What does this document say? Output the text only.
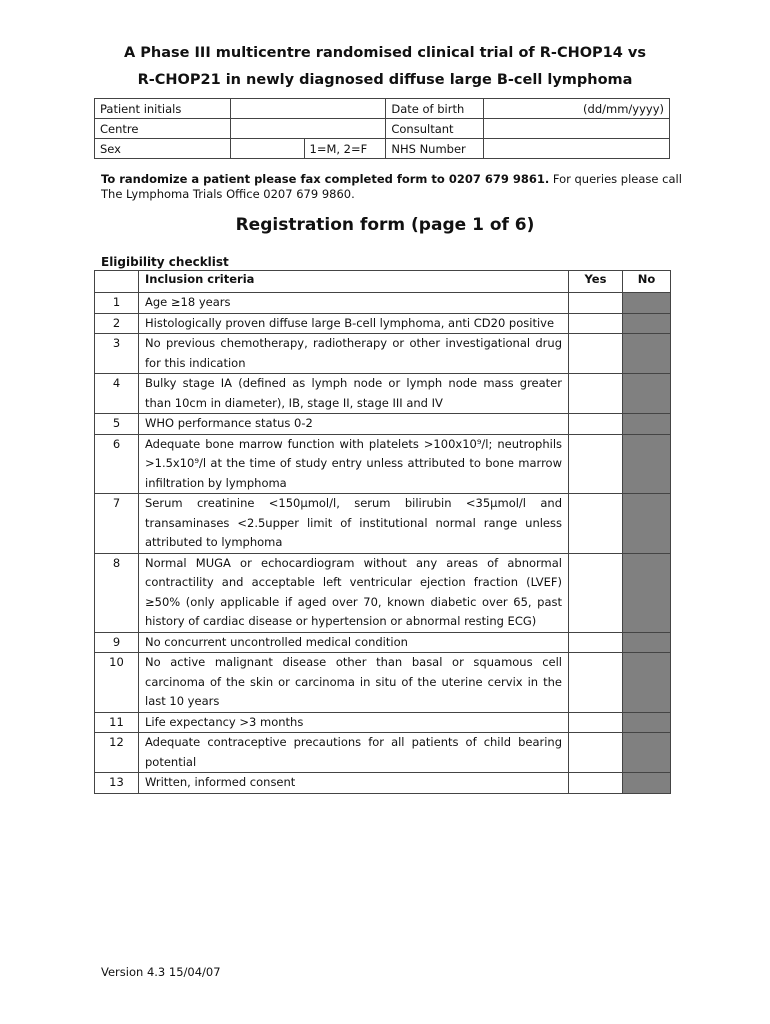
A Phase III multicentre randomised clinical trial of R-CHOP14 vs
R-CHOP21 in newly diagnosed diffuse large B-cell lymphoma
Patient initials			Date of birth	(dd/mm/yyyy)
Centre			Consultant	
Sex		1=M, 2=F	NHS Number	
To randomize a patient please fax completed form to 0207 679 9861. For queries please call The Lymphoma Trials Office 0207 679 9860.
Registration form (page 1 of 6)
Eligibility checklist
	Inclusion criteria	Yes	No
1	Age ≥18 years		
2	Histologically proven diffuse large B-cell lymphoma, anti CD20 positive		
3	No previous chemotherapy, radiotherapy or other investigational drug for this indication		
4	Bulky stage IA (defined as lymph node or lymph node mass greater than 10cm in diameter), IB, stage II, stage III and IV		
5	WHO performance status 0-2		
6	Adequate bone marrow function with platelets >100x10⁹/l; neutrophils >1.5x10⁹/l at the time of study entry unless attributed to bone marrow infiltration by lymphoma		
7	Serum creatinine <150μmol/l, serum bilirubin <35μmol/l and transaminases <2.5upper limit of institutional normal range unless attributed to lymphoma		
8	Normal MUGA or echocardiogram without any areas of abnormal contractility and acceptable left ventricular ejection fraction (LVEF) ≥50% (only applicable if aged over 70, known diabetic over 65, past history of cardiac disease or hypertension or abnormal resting ECG)		
9	No concurrent uncontrolled medical condition		
10	No active malignant disease other than basal or squamous cell carcinoma of the skin or carcinoma in situ of the uterine cervix in the last 10 years		
11	Life expectancy >3 months		
12	Adequate contraceptive precautions for all patients of child bearing potential		
13	Written, informed consent		
Version 4.3 15/04/07
